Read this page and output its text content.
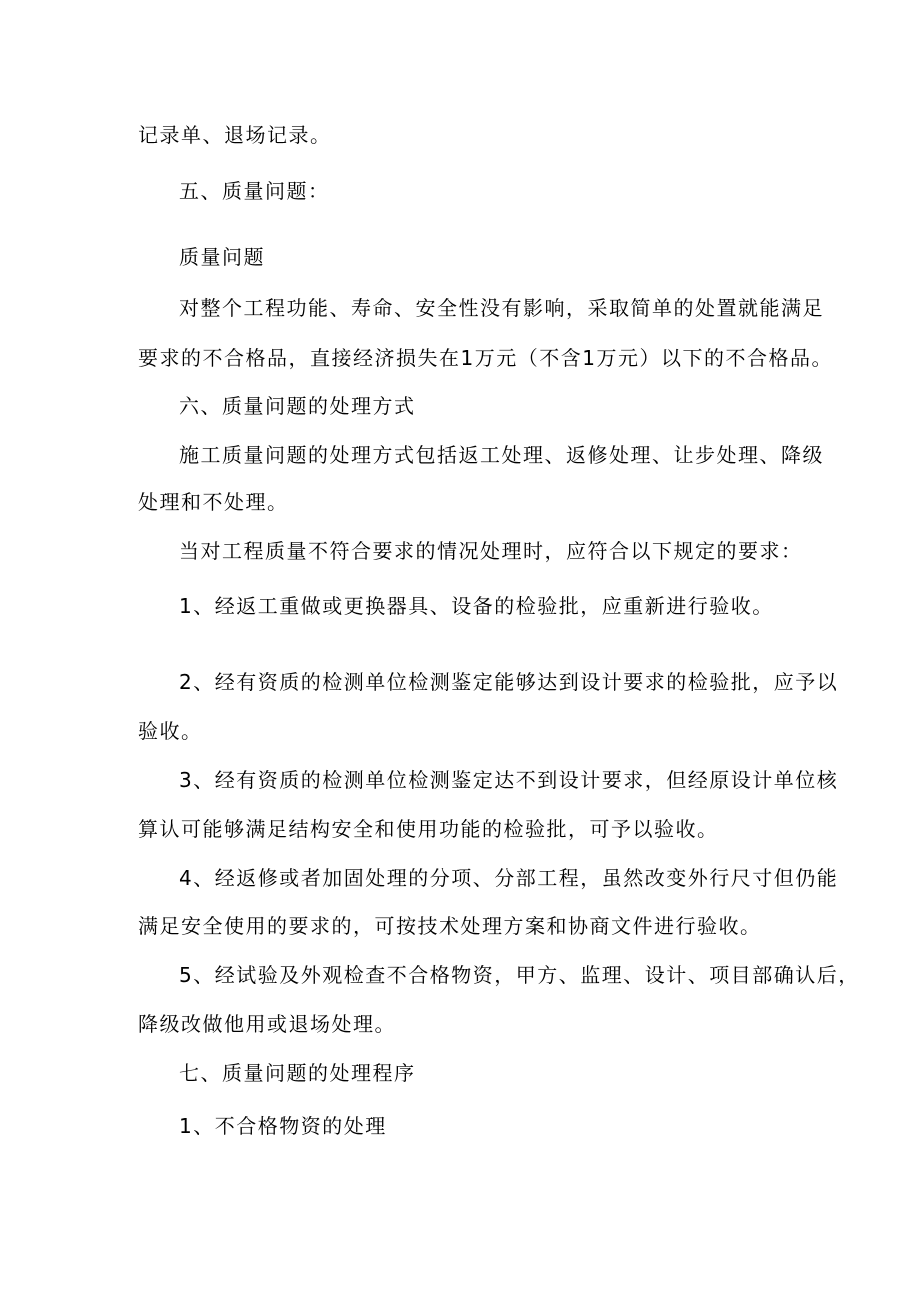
记录单、退场记录。
五、质量问题：
质量问题
对整个工程功能、寿命、安全性没有影响，采取简单的处置就能满足
要求的不合格品，直接经济损失在1万元（不含1万元）以下的不合格品。
六、质量问题的处理方式
施工质量问题的处理方式包括返工处理、返修处理、让步处理、降级
处理和不处理。
当对工程质量不符合要求的情况处理时，应符合以下规定的要求：
1、经返工重做或更换器具、设备的检验批，应重新进行验收。
2、经有资质的检测单位检测鉴定能够达到设计要求的检验批，应予以
验收。
3、经有资质的检测单位检测鉴定达不到设计要求，但经原设计单位核
算认可能够满足结构安全和使用功能的检验批，可予以验收。
4、经返修或者加固处理的分项、分部工程，虽然改变外行尺寸但仍能
满足安全使用的要求的，可按技术处理方案和协商文件进行验收。
5、经试验及外观检查不合格物资，甲方、监理、设计、项目部确认后，
降级改做他用或退场处理。
七、质量问题的处理程序
1、不合格物资的处理
